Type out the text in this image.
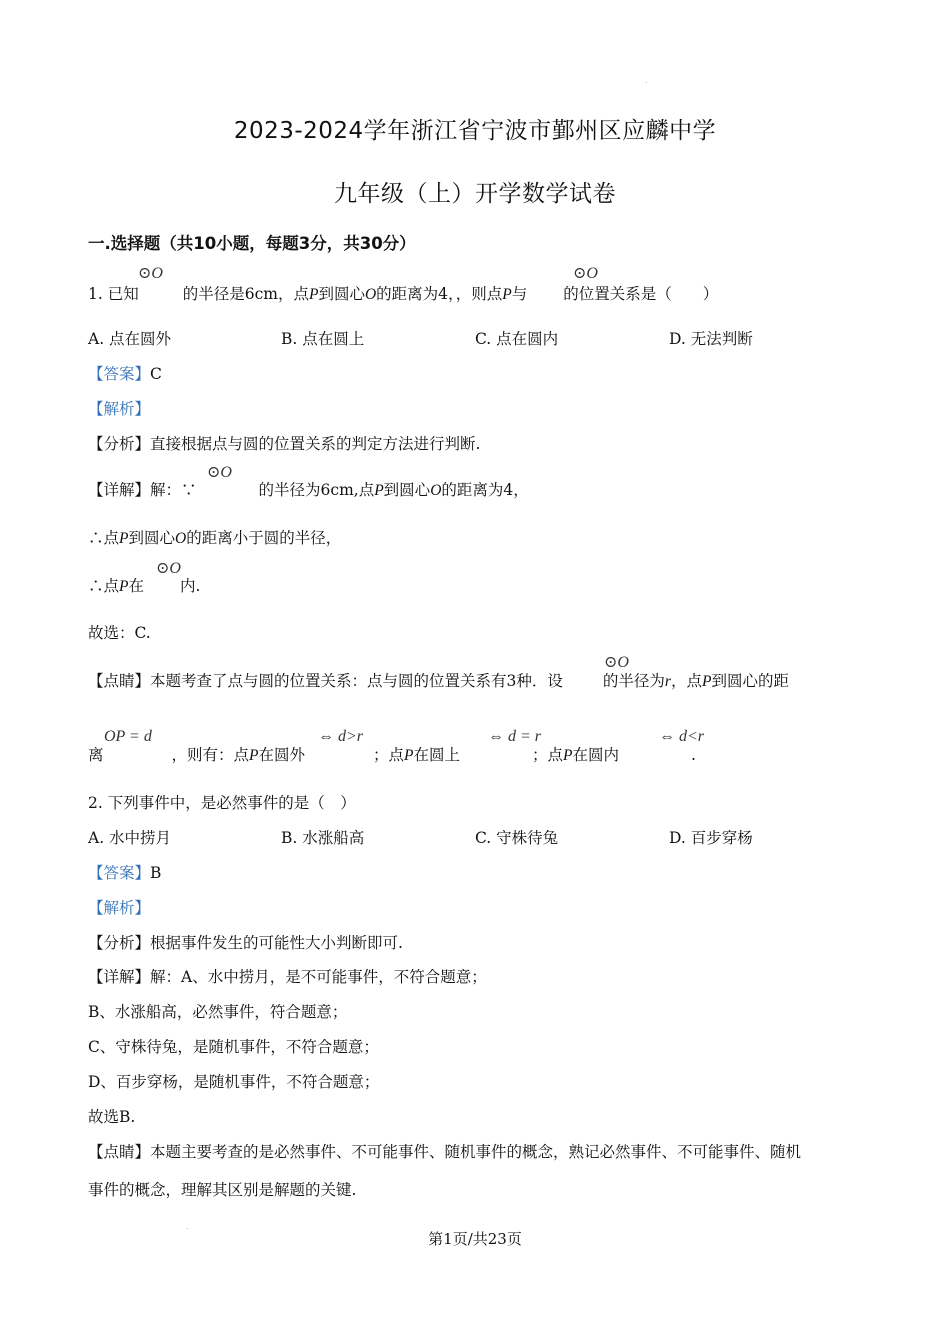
.
2023-2024学年浙江省宁波市鄞州区应麟中学
九年级（上）开学数学试卷
一.选择题（共10小题，每题3分，共30分）
⊙O	⊙O
1. 已知	的半径是6cm，点P到圆心O的距离为4，，则点P与 的位置关系是（　　）
A. 点在圆外	B. 点在圆上	C. 点在圆内	D. 无法判断
【答案】C
【解析】
【分析】直接根据点与圆的位置关系的判定方法进行判断.
⊙O
【详解】解：∵	的半径为6cm,点P到圆心O的距离为4，
∴点P到圆心O的距离小于圆的半径，
⊙O
∴点P在 内.
故选：C.
⊙O
【点睛】本题考查了点与圆的位置关系：点与圆的位置关系有3种．设	的半径为r，点P到圆心的距
OP = d	⇔ d>r	⇔ d = r	⇔ d<r
离	，则有：点P在圆外	；点P在圆上	；点P在圆内	.
2. 下列事件中，是必然事件的是（　）
A. 水中捞月	B. 水涨船高	C. 守株待兔	D. 百步穿杨
【答案】B
【解析】
【分析】根据事件发生的可能性大小判断即可.
【详解】解：A、水中捞月，是不可能事件，不符合题意；
B、水涨船高，必然事件，符合题意；
C、守株待兔，是随机事件，不符合题意；
D、百步穿杨，是随机事件，不符合题意；
故选B.
【点睛】本题主要考查的是必然事件、不可能事件、随机事件的概念，熟记必然事件、不可能事件、随机
事件的概念，理解其区别是解题的关键.
.
第1页/共23页
